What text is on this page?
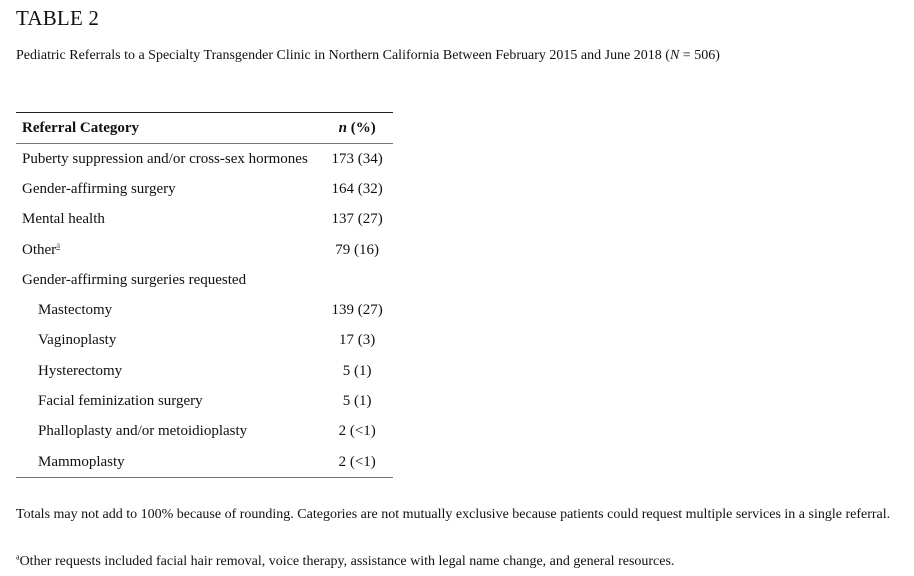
TABLE 2
Pediatric Referrals to a Specialty Transgender Clinic in Northern California Between February 2015 and June 2018 (N = 506)
Referral Category	n (%)
Puberty suppression and/or cross-sex hormones	173 (34)
Gender-affirming surgery	164 (32)
Mental health	137 (27)
Other$^a$	79 (16)
Gender-affirming surgeries requested	
Mastectomy	139 (27)
Vaginoplasty	17 (3)
Hysterectomy	5 (1)
Facial feminization surgery	5 (1)
Phalloplasty and/or metoidioplasty	2 (<1)
Mammoplasty	2 (<1)
Totals may not add to 100% because of rounding. Categories are not mutually exclusive because patients could request multiple services in a single referral.
$^a$Other requests included facial hair removal, voice therapy, assistance with legal name change, and general resources.
